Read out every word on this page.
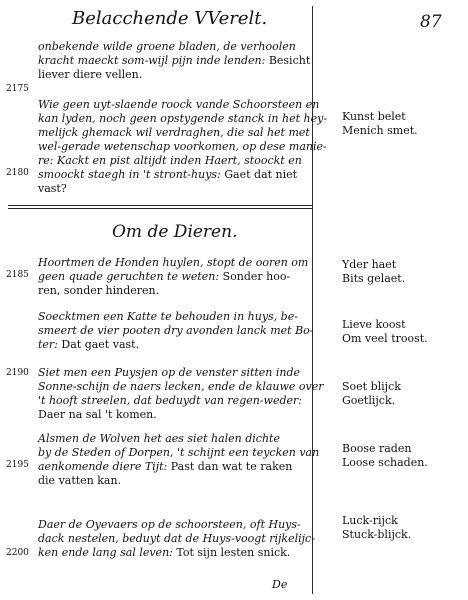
Belacchende VVerelt.	87
Om de Dieren.

onbekende wilde groene bladen, de verhoolen

kracht maeckt som-wijl pijn inde lenden: Besicht

liever diere vellen.

Wie geen uyt-slaende roock vande Schoorsteen en

kan lyden, noch geen opstygende stanck in het hey-

melijck ghemack wil verdraghen, die sal het met

wel-gerade wetenschap voorkomen, op dese manie-

re: Kackt en pist altijdt inden Haert, stoockt en

smoockt staegh in 't stront-huys: Gaet dat niet

vast?

Hoortmen de Honden huylen, stopt de ooren om

geen quade geruchten te weten: Sonder hoo-

ren, sonder hinderen.

Soecktmen een Katte te behouden in huys, be-

smeert de vier pooten dry avonden lanck met Bo-

ter: Dat gaet vast.

Siet men een Puysjen op de venster sitten inde

Sonne-schijn de naers lecken, ende de klauwe over

't hooft streelen, dat beduydt van regen-weder:

Daer na sal 't komen.

Alsmen de Wolven het aes siet halen dichte

by de Steden of Dorpen, 't schijnt een teycken van

aenkomende diere Tijt: Past dan wat te raken

die vatten kan.

Daer de Oyevaers op de schoorsteen, oft Huys-

dack nestelen, beduyt dat de Huys-voogt rijkelijc-

ken ende lang sal leven: Tot sijn lesten snick.

2175
2180
2185
2190
2195
2200
Kunst belet
Menich smet.
Yder haet
Bits gelaet.
Lieve koost
Om veel troost.
Soet blijck
Goetlijck.
Boose raden
Loose schaden.
Luck-rijck
Stuck-blijck.
De
